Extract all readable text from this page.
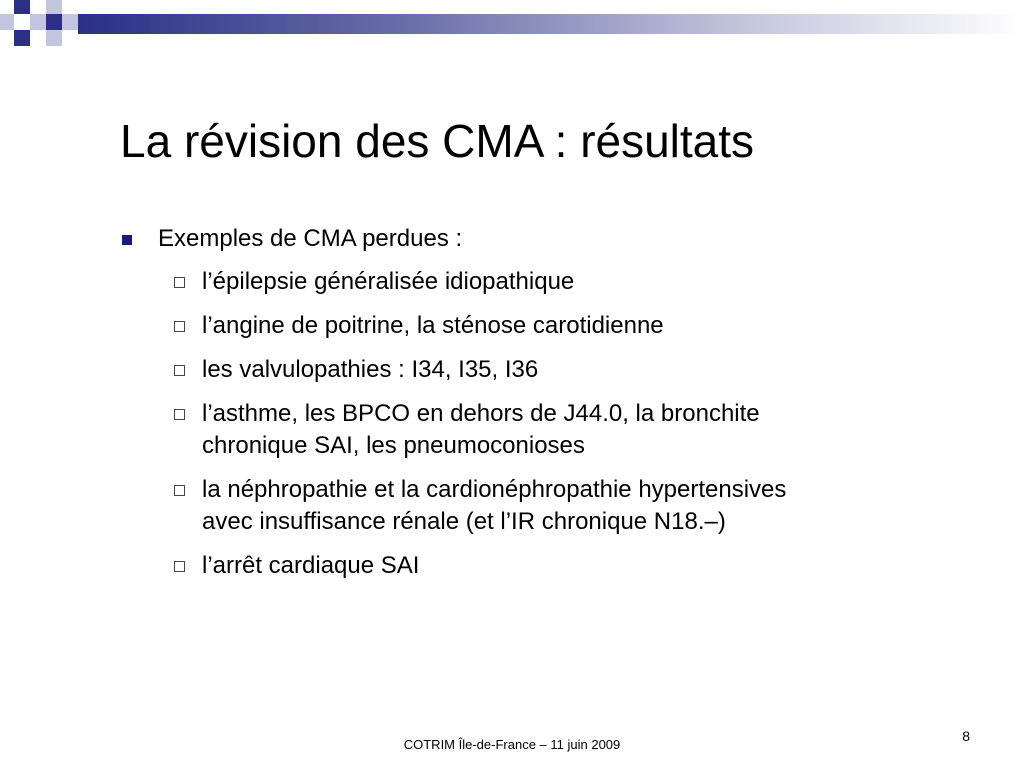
La révision des CMA : résultats
Exemples de CMA perdues :
l’épilepsie généralisée idiopathique
l’angine de poitrine, la sténose carotidienne
les valvulopathies : I34, I35, I36
l’asthme, les BPCO en dehors de J44.0, la bronchite
chronique SAI, les pneumoconioses
la néphropathie et la cardionéphropathie hypertensives
avec insuffisance rénale (et l’IR chronique N18.–)
l’arrêt cardiaque SAI
COTRIM Île-de-France – 11 juin 2009
8
